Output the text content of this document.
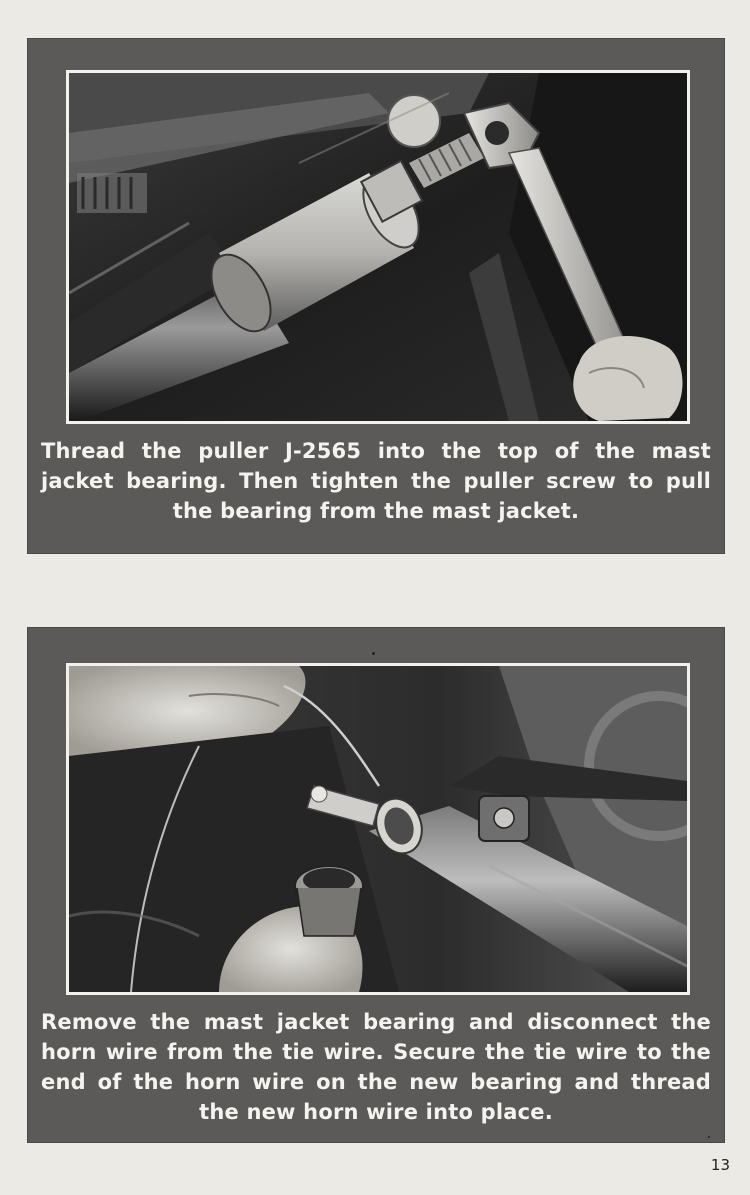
Thread the puller J-2565 into the top of the mast
jacket bearing. Then tighten the puller screw to pull
the bearing from the mast jacket.
Remove the mast jacket bearing and disconnect the
horn wire from the tie wire. Secure the tie wire to the
end of the horn wire on the new bearing and thread
the new horn wire into place.
13
